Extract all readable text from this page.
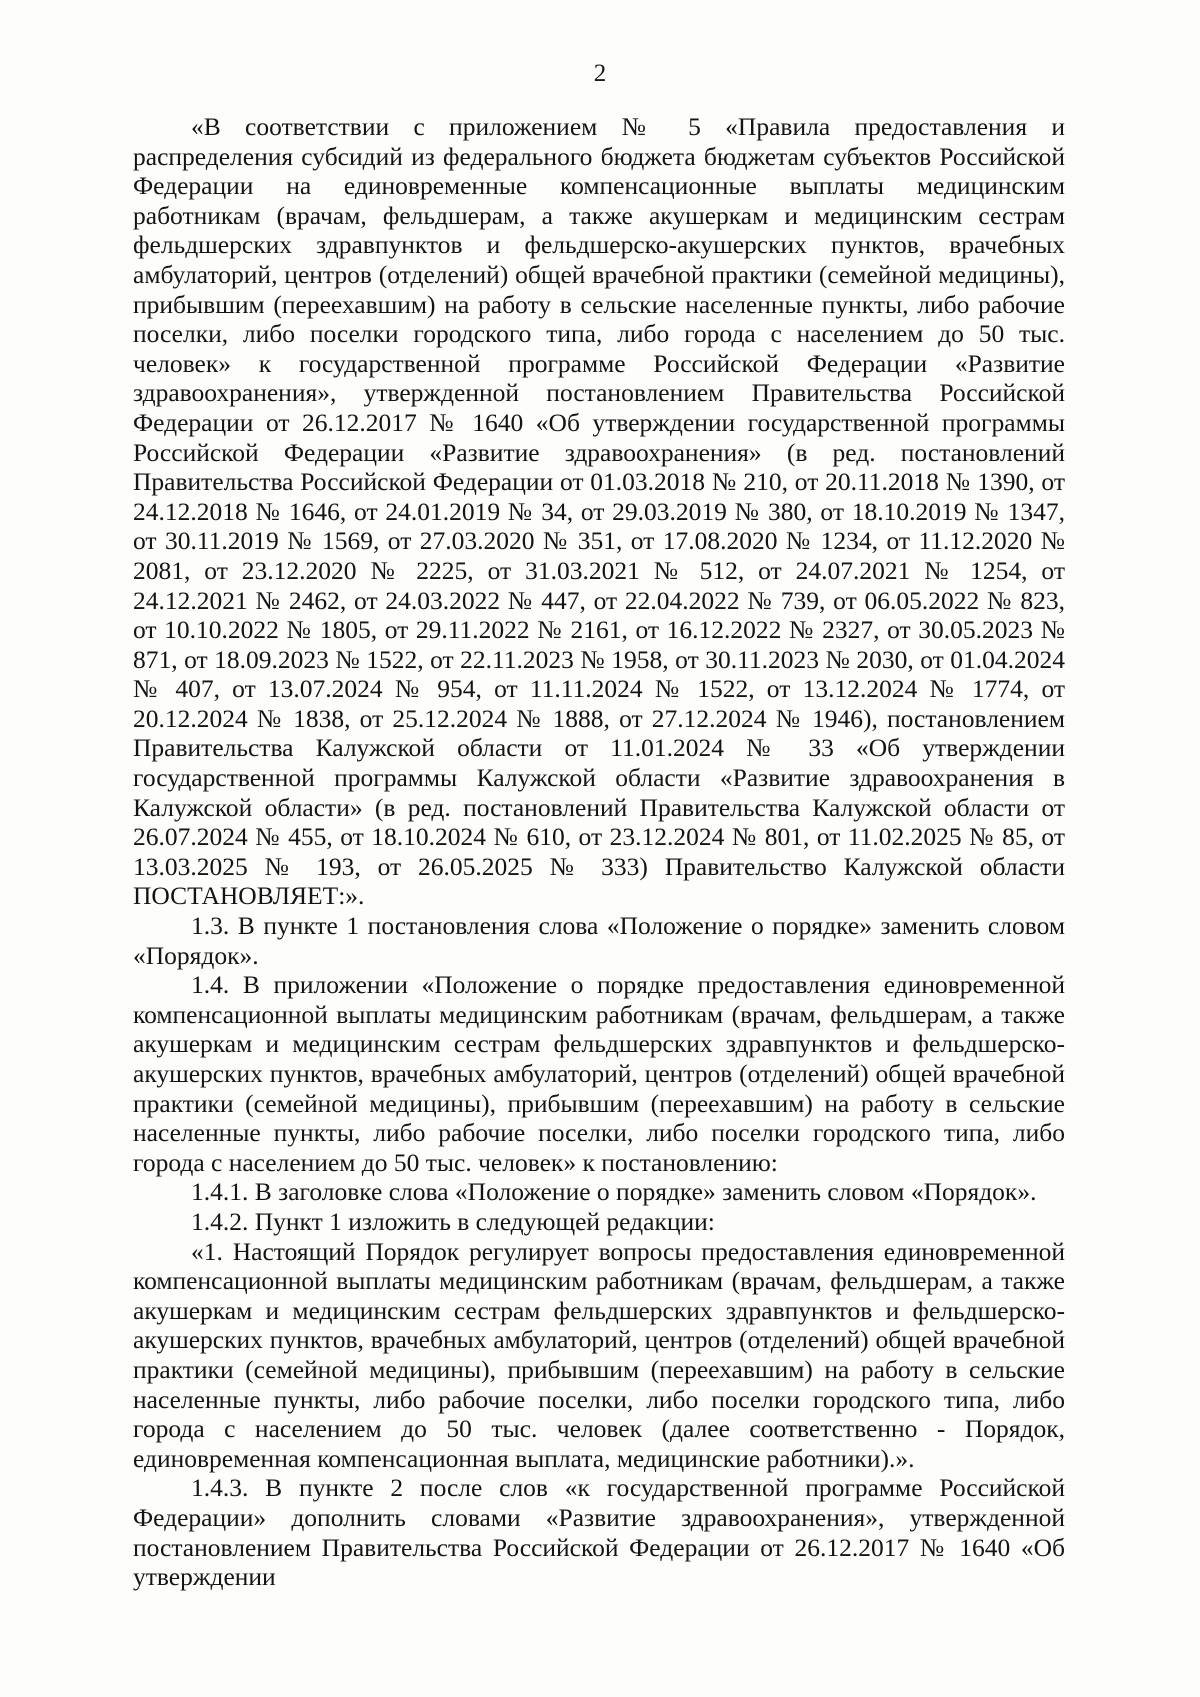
2

«В соответствии с приложением № 5 «Правила предоставления и распределения субсидий из федерального бюджета бюджетам субъектов Российской Федерации на единовременные компенсационные выплаты медицинским работникам (врачам, фельдшерам, а также акушеркам и медицинским сестрам фельдшерских здравпунктов и фельдшерско-акушерских пунктов, врачебных амбулаторий, центров (отделений) общей врачебной практики (семейной медицины), прибывшим (переехавшим) на работу в сельские населенные пункты, либо рабочие поселки, либо поселки городского типа, либо города с населением до 50 тыс. человек» к государственной программе Российской Федерации «Развитие здравоохранения», утвержденной постановлением Правительства Российской Федерации от 26.12.2017 № 1640 «Об утверждении государственной программы Российской Федерации «Развитие здравоохранения» (в ред. постановлений Правительства Российской Федерации от 01.03.2018 № 210, от 20.11.2018 № 1390, от 24.12.2018 № 1646, от 24.01.2019 № 34, от 29.03.2019 № 380, от 18.10.2019 № 1347, от 30.11.2019 № 1569, от 27.03.2020 № 351, от 17.08.2020 № 1234, от 11.12.2020 № 2081, от 23.12.2020 № 2225, от 31.03.2021 № 512, от 24.07.2021 № 1254, от 24.12.2021 № 2462, от 24.03.2022 № 447, от 22.04.2022 № 739, от 06.05.2022 № 823, от 10.10.2022 № 1805, от 29.11.2022 № 2161, от 16.12.2022 № 2327, от 30.05.2023 № 871, от 18.09.2023 № 1522, от 22.11.2023 № 1958, от 30.11.2023 № 2030, от 01.04.2024 № 407, от 13.07.2024 № 954, от 11.11.2024 № 1522, от 13.12.2024 № 1774, от 20.12.2024 № 1838, от 25.12.2024 № 1888, от 27.12.2024 № 1946), постановлением Правительства Калужской области от 11.01.2024 № 33 «Об утверждении государственной программы Калужской области «Развитие здравоохранения в Калужской области» (в ред. постановлений Правительства Калужской области от 26.07.2024 № 455, от 18.10.2024 № 610, от 23.12.2024 № 801, от 11.02.2025 № 85, от 13.03.2025 № 193, от 26.05.2025 № 333) Правительство Калужской области ПОСТАНОВЛЯЕТ:».

1.3. В пункте 1 постановления слова «Положение о порядке» заменить словом «Порядок».

1.4. В приложении «Положение о порядке предоставления единовременной компенсационной выплаты медицинским работникам (врачам, фельдшерам, а также акушеркам и медицинским сестрам фельдшерских здравпунктов и фельдшерско-акушерских пунктов, врачебных амбулаторий, центров (отделений) общей врачебной практики (семейной медицины), прибывшим (переехавшим) на работу в сельские населенные пункты, либо рабочие поселки, либо поселки городского типа, либо города с населением до 50 тыс. человек» к постановлению:

1.4.1. В заголовке слова «Положение о порядке» заменить словом «Порядок».

1.4.2. Пункт 1 изложить в следующей редакции:

«1. Настоящий Порядок регулирует вопросы предоставления единовременной компенсационной выплаты медицинским работникам (врачам, фельдшерам, а также акушеркам и медицинским сестрам фельдшерских здравпунктов и фельдшерско-акушерских пунктов, врачебных амбулаторий, центров (отделений) общей врачебной практики (семейной медицины), прибывшим (переехавшим) на работу в сельские населенные пункты, либо рабочие поселки, либо поселки городского типа, либо города с населением до 50 тыс. человек (далее соответственно - Порядок, единовременная компенсационная выплата, медицинские работники).».

1.4.3. В пункте 2 после слов «к государственной программе Российской Федерации» дополнить словами «Развитие здравоохранения», утвержденной постановлением Правительства Российской Федерации от 26.12.2017 № 1640 «Об утверждении
